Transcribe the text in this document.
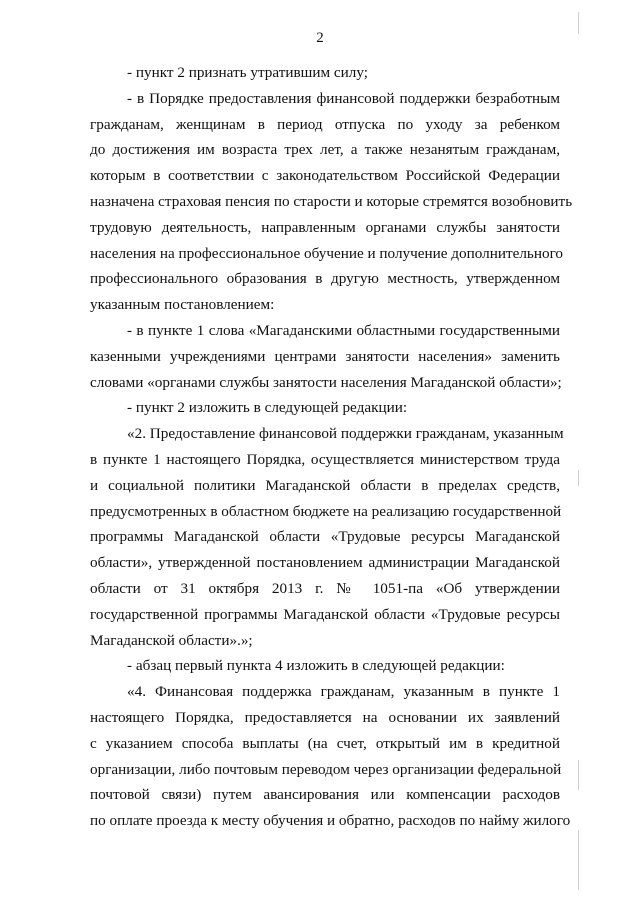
2

- пункт 2 признать утратившим силу;

- в Порядке предоставления финансовой поддержки безработным
гражданам, женщинам в период отпуска по уходу за ребенком
до достижения им возраста трех лет, а также незанятым гражданам,
которым в соответствии с законодательством Российской Федерации
назначена страховая пенсия по старости и которые стремятся возобновить
трудовую деятельность, направленным органами службы занятости
населения на профессиональное обучение и получение дополнительного
профессионального образования в другую местность, утвержденном
указанным постановлением:

- в пункте 1 слова «Магаданскими областными государственными
казенными учреждениями центрами занятости населения» заменить
словами «органами службы занятости населения Магаданской области»;

- пункт 2 изложить в следующей редакции:

«2. Предоставление финансовой поддержки гражданам, указанным
в пункте 1 настоящего Порядка, осуществляется министерством труда
и социальной политики Магаданской области в пределах средств,
предусмотренных в областном бюджете на реализацию государственной
программы Магаданской области «Трудовые ресурсы Магаданской
области», утвержденной постановлением администрации Магаданской
области от 31 октября 2013 г. № 1051-па «Об утверждении
государственной программы Магаданской области «Трудовые ресурсы
Магаданской области».»;

- абзац первый пункта 4 изложить в следующей редакции:

«4. Финансовая поддержка гражданам, указанным в пункте 1
настоящего Порядка, предоставляется на основании их заявлений
с указанием способа выплаты (на счет, открытый им в кредитной
организации, либо почтовым переводом через организации федеральной
почтовой связи) путем авансирования или компенсации расходов
по оплате проезда к месту обучения и обратно, расходов по найму жилого
